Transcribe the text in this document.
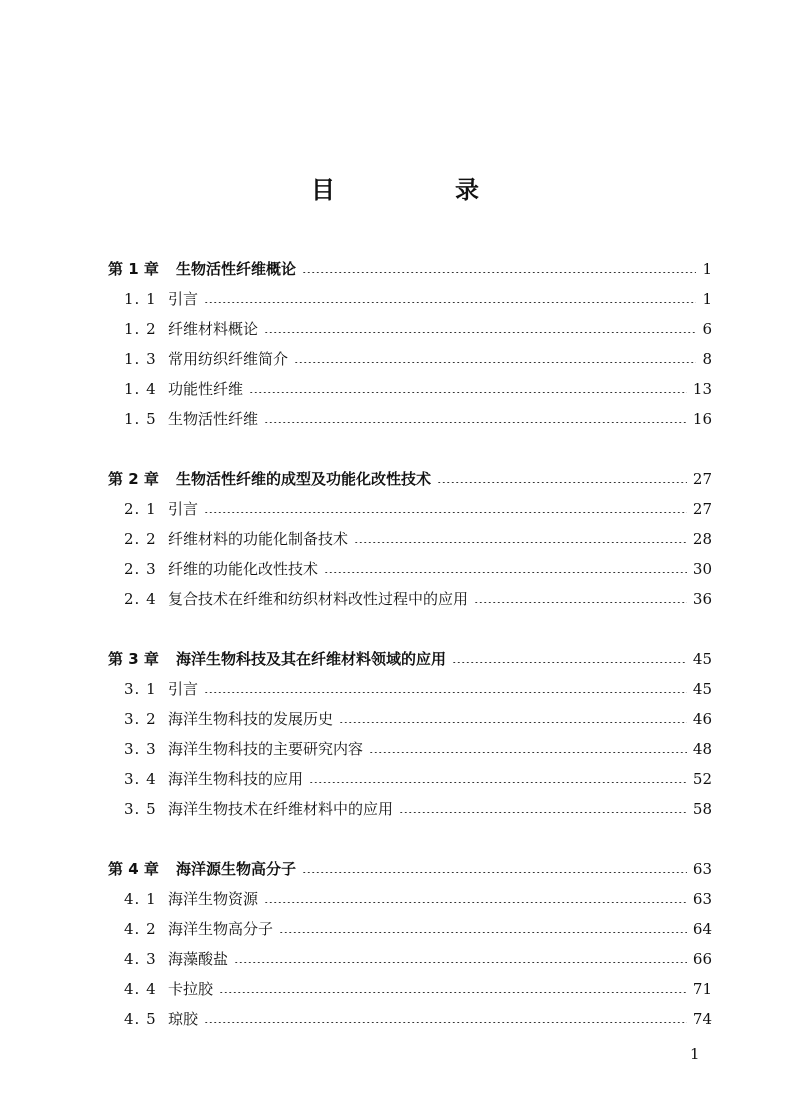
目　录
第 1 章	生物活性纤维概论	1
1. 1 引言	1
1. 2 纤维材料概论	6
1. 3 常用纺织纤维简介	8
1. 4 功能性纤维	13
1. 5 生物活性纤维	16
第 2 章	生物活性纤维的成型及功能化改性技术	27
2. 1 引言	27
2. 2 纤维材料的功能化制备技术	28
2. 3 纤维的功能化改性技术	30
2. 4 复合技术在纤维和纺织材料改性过程中的应用	36
第 3 章	海洋生物科技及其在纤维材料领域的应用	45
3. 1 引言	45
3. 2 海洋生物科技的发展历史	46
3. 3 海洋生物科技的主要研究内容	48
3. 4 海洋生物科技的应用	52
3. 5 海洋生物技术在纤维材料中的应用	58
第 4 章	海洋源生物高分子	63
4. 1 海洋生物资源	63
4. 2 海洋生物高分子	64
4. 3 海藻酸盐	66
4. 4 卡拉胶	71
4. 5 琼胶	74
1
